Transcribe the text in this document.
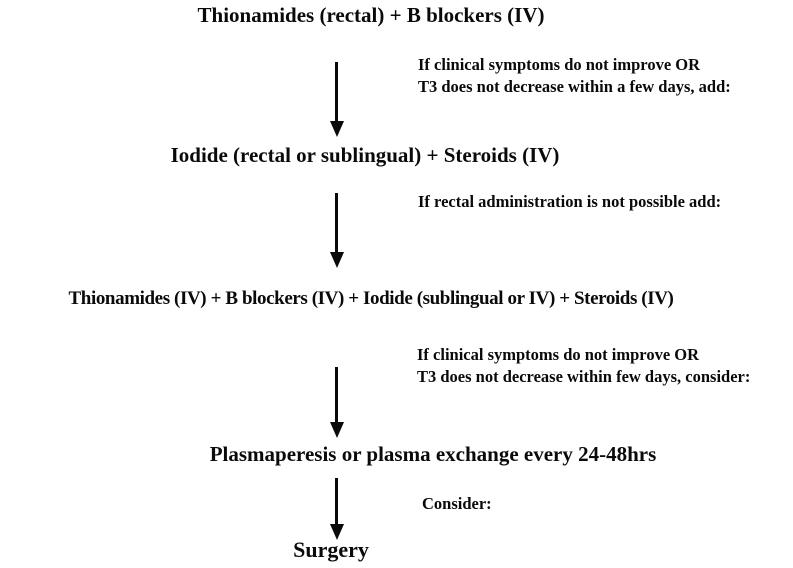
Thionamides (rectal) + B blockers (IV)
If clinical symptoms do not improve OR
T3 does not decrease within a few days, add:
Iodide (rectal or sublingual) + Steroids (IV)
If rectal administration is not possible add:
Thionamides (IV) + B blockers (IV) + Iodide (sublingual or IV) + Steroids (IV)
If clinical symptoms do not improve OR
T3 does not decrease within few days, consider:
Plasmaperesis or plasma exchange every 24-48hrs
Consider:
Surgery
